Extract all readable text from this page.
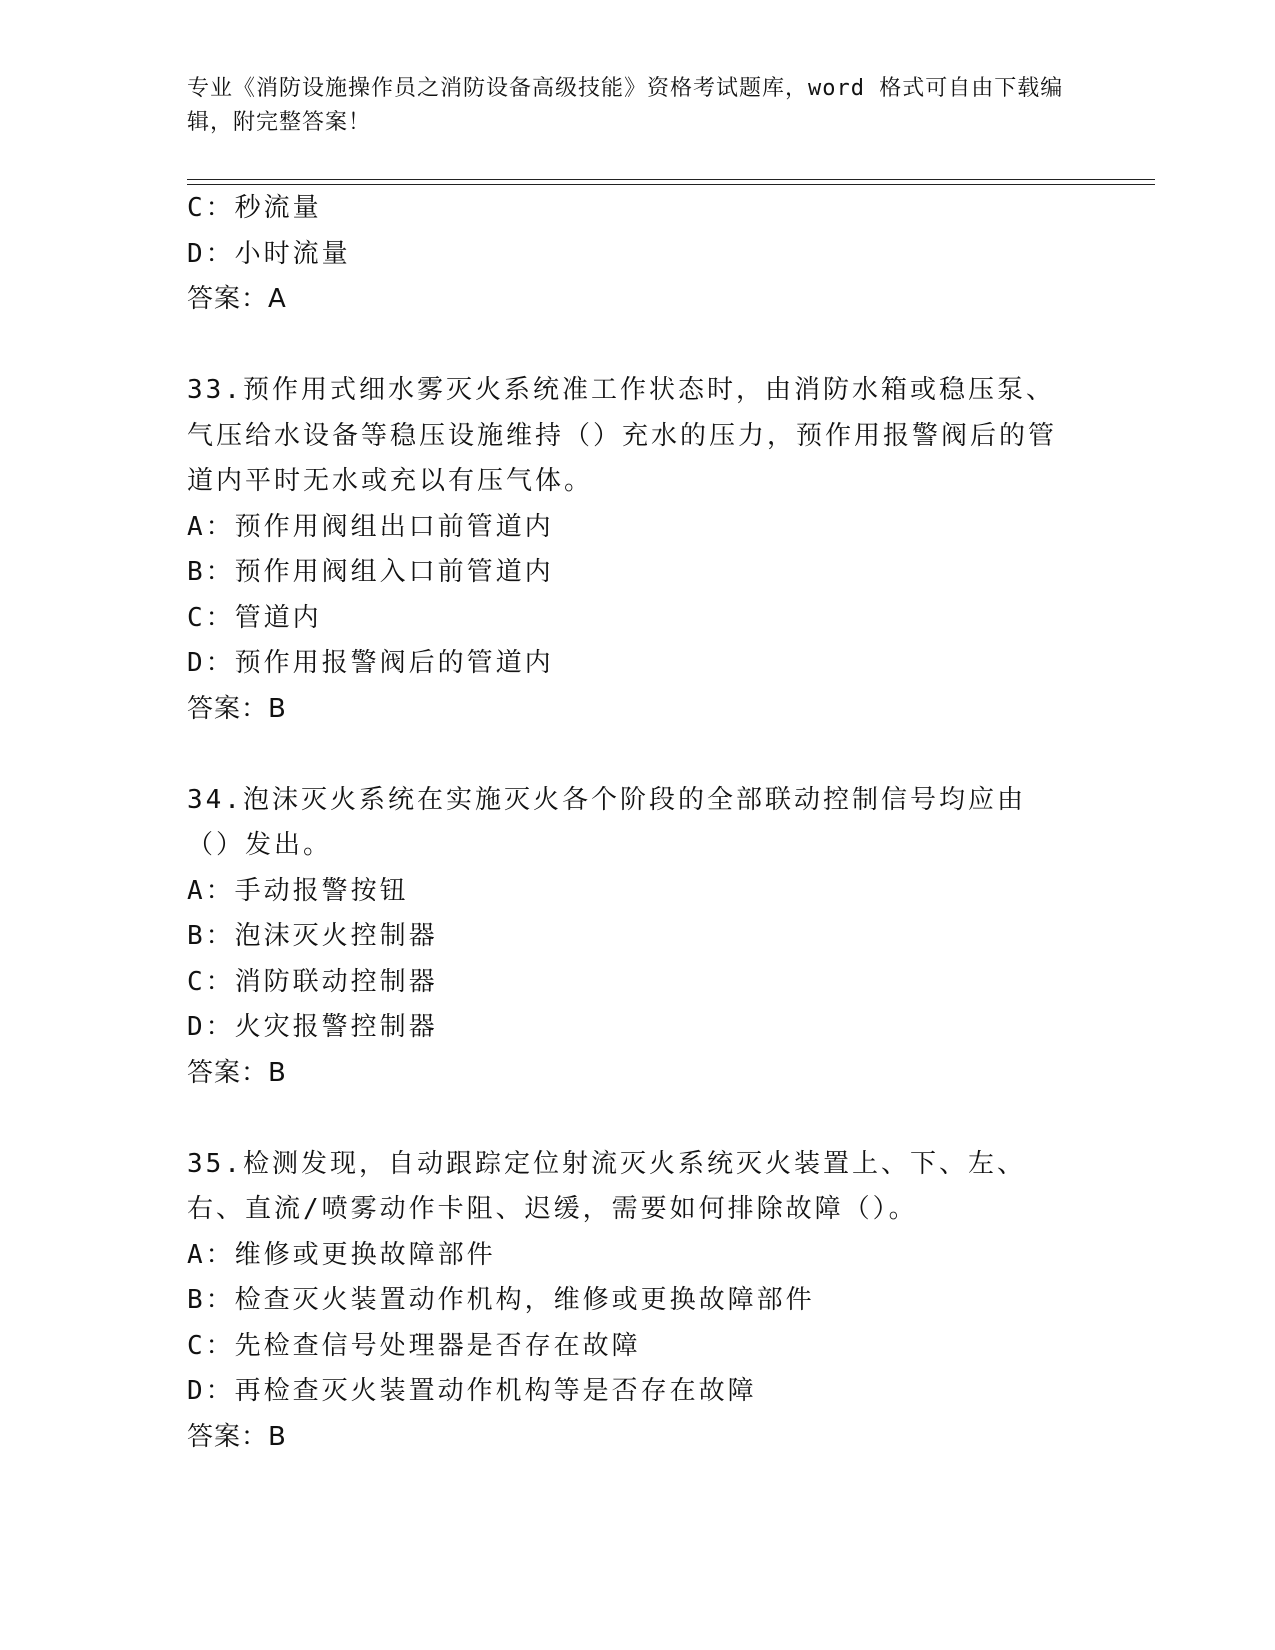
专业《消防设施操作员之消防设备高级技能》资格考试题库，word 格式可自由下载编辑，附完整答案！
C：秒流量
D：小时流量
答案：A
33.预作用式细水雾灭火系统准工作状态时，由消防水箱或稳压泵、气压给水设备等稳压设施维持（）充水的压力，预作用报警阀后的管道内平时无水或充以有压气体。
A：预作用阀组出口前管道内
B：预作用阀组入口前管道内
C：管道内
D：预作用报警阀后的管道内
答案：B
34.泡沫灭火系统在实施灭火各个阶段的全部联动控制信号均应由（）发出。
A：手动报警按钮
B：泡沫灭火控制器
C：消防联动控制器
D：火灾报警控制器
答案：B
35.检测发现，自动跟踪定位射流灭火系统灭火装置上、下、左、右、直流/喷雾动作卡阻、迟缓，需要如何排除故障（）。
A：维修或更换故障部件
B：检查灭火装置动作机构，维修或更换故障部件
C：先检查信号处理器是否存在故障
D：再检查灭火装置动作机构等是否存在故障
答案：B
